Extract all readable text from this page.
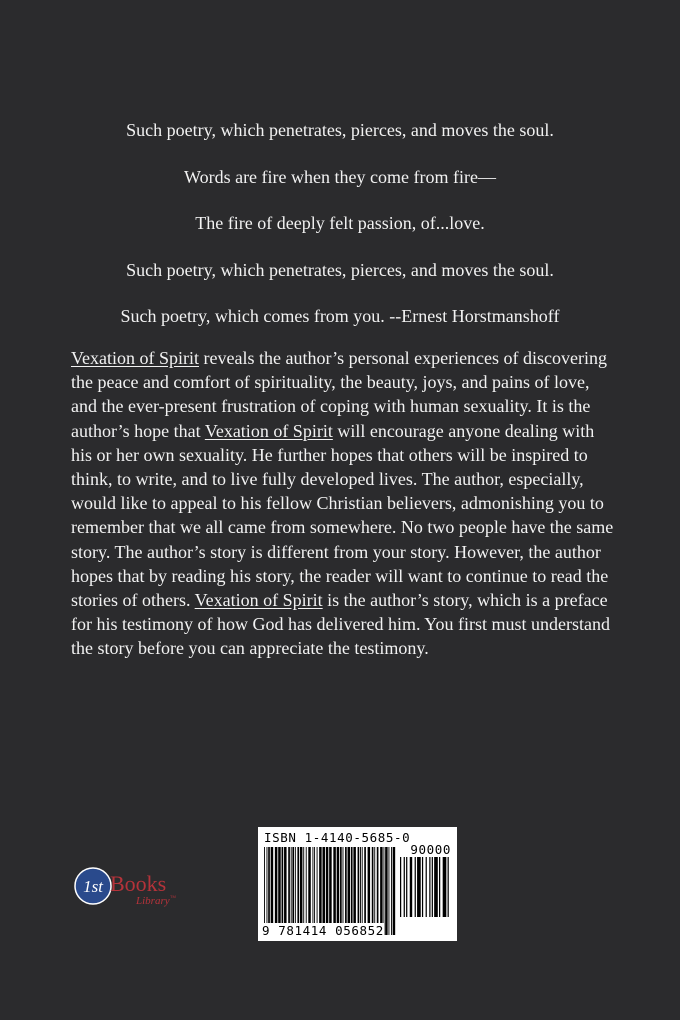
Such poetry, which penetrates, pierces, and moves the soul.

Words are fire when they come from fire—

The fire of deeply felt passion, of...love.

Such poetry, which penetrates, pierces, and moves the soul.

Such poetry, which comes from you. --Ernest Horstmanshoff

Vexation of Spirit reveals the author’s personal experiences of discovering the peace and comfort of spirituality, the beauty, joys, and pains of love, and the ever-present frustration of coping with human sexuality. It is the author’s hope that Vexation of Spirit will encourage anyone dealing with his or her own sexuality. He further hopes that others will be inspired to think, to write, and to live fully developed lives. The author, especially, would like to appeal to his fellow Christian believers, admonishing you to remember that we all came from somewhere. No two people have the same story. The author’s story is different from your story. However, the author hopes that by reading his story, the reader will want to continue to read the stories of others. Vexation of Spirit is the author’s story, which is a preface for his testimony of how God has delivered him. You first must understand the story before you can appreciate the testimony.

1st Books
Library TM
ISBN 1-4140-5685-0
90000
9 781414 056852
